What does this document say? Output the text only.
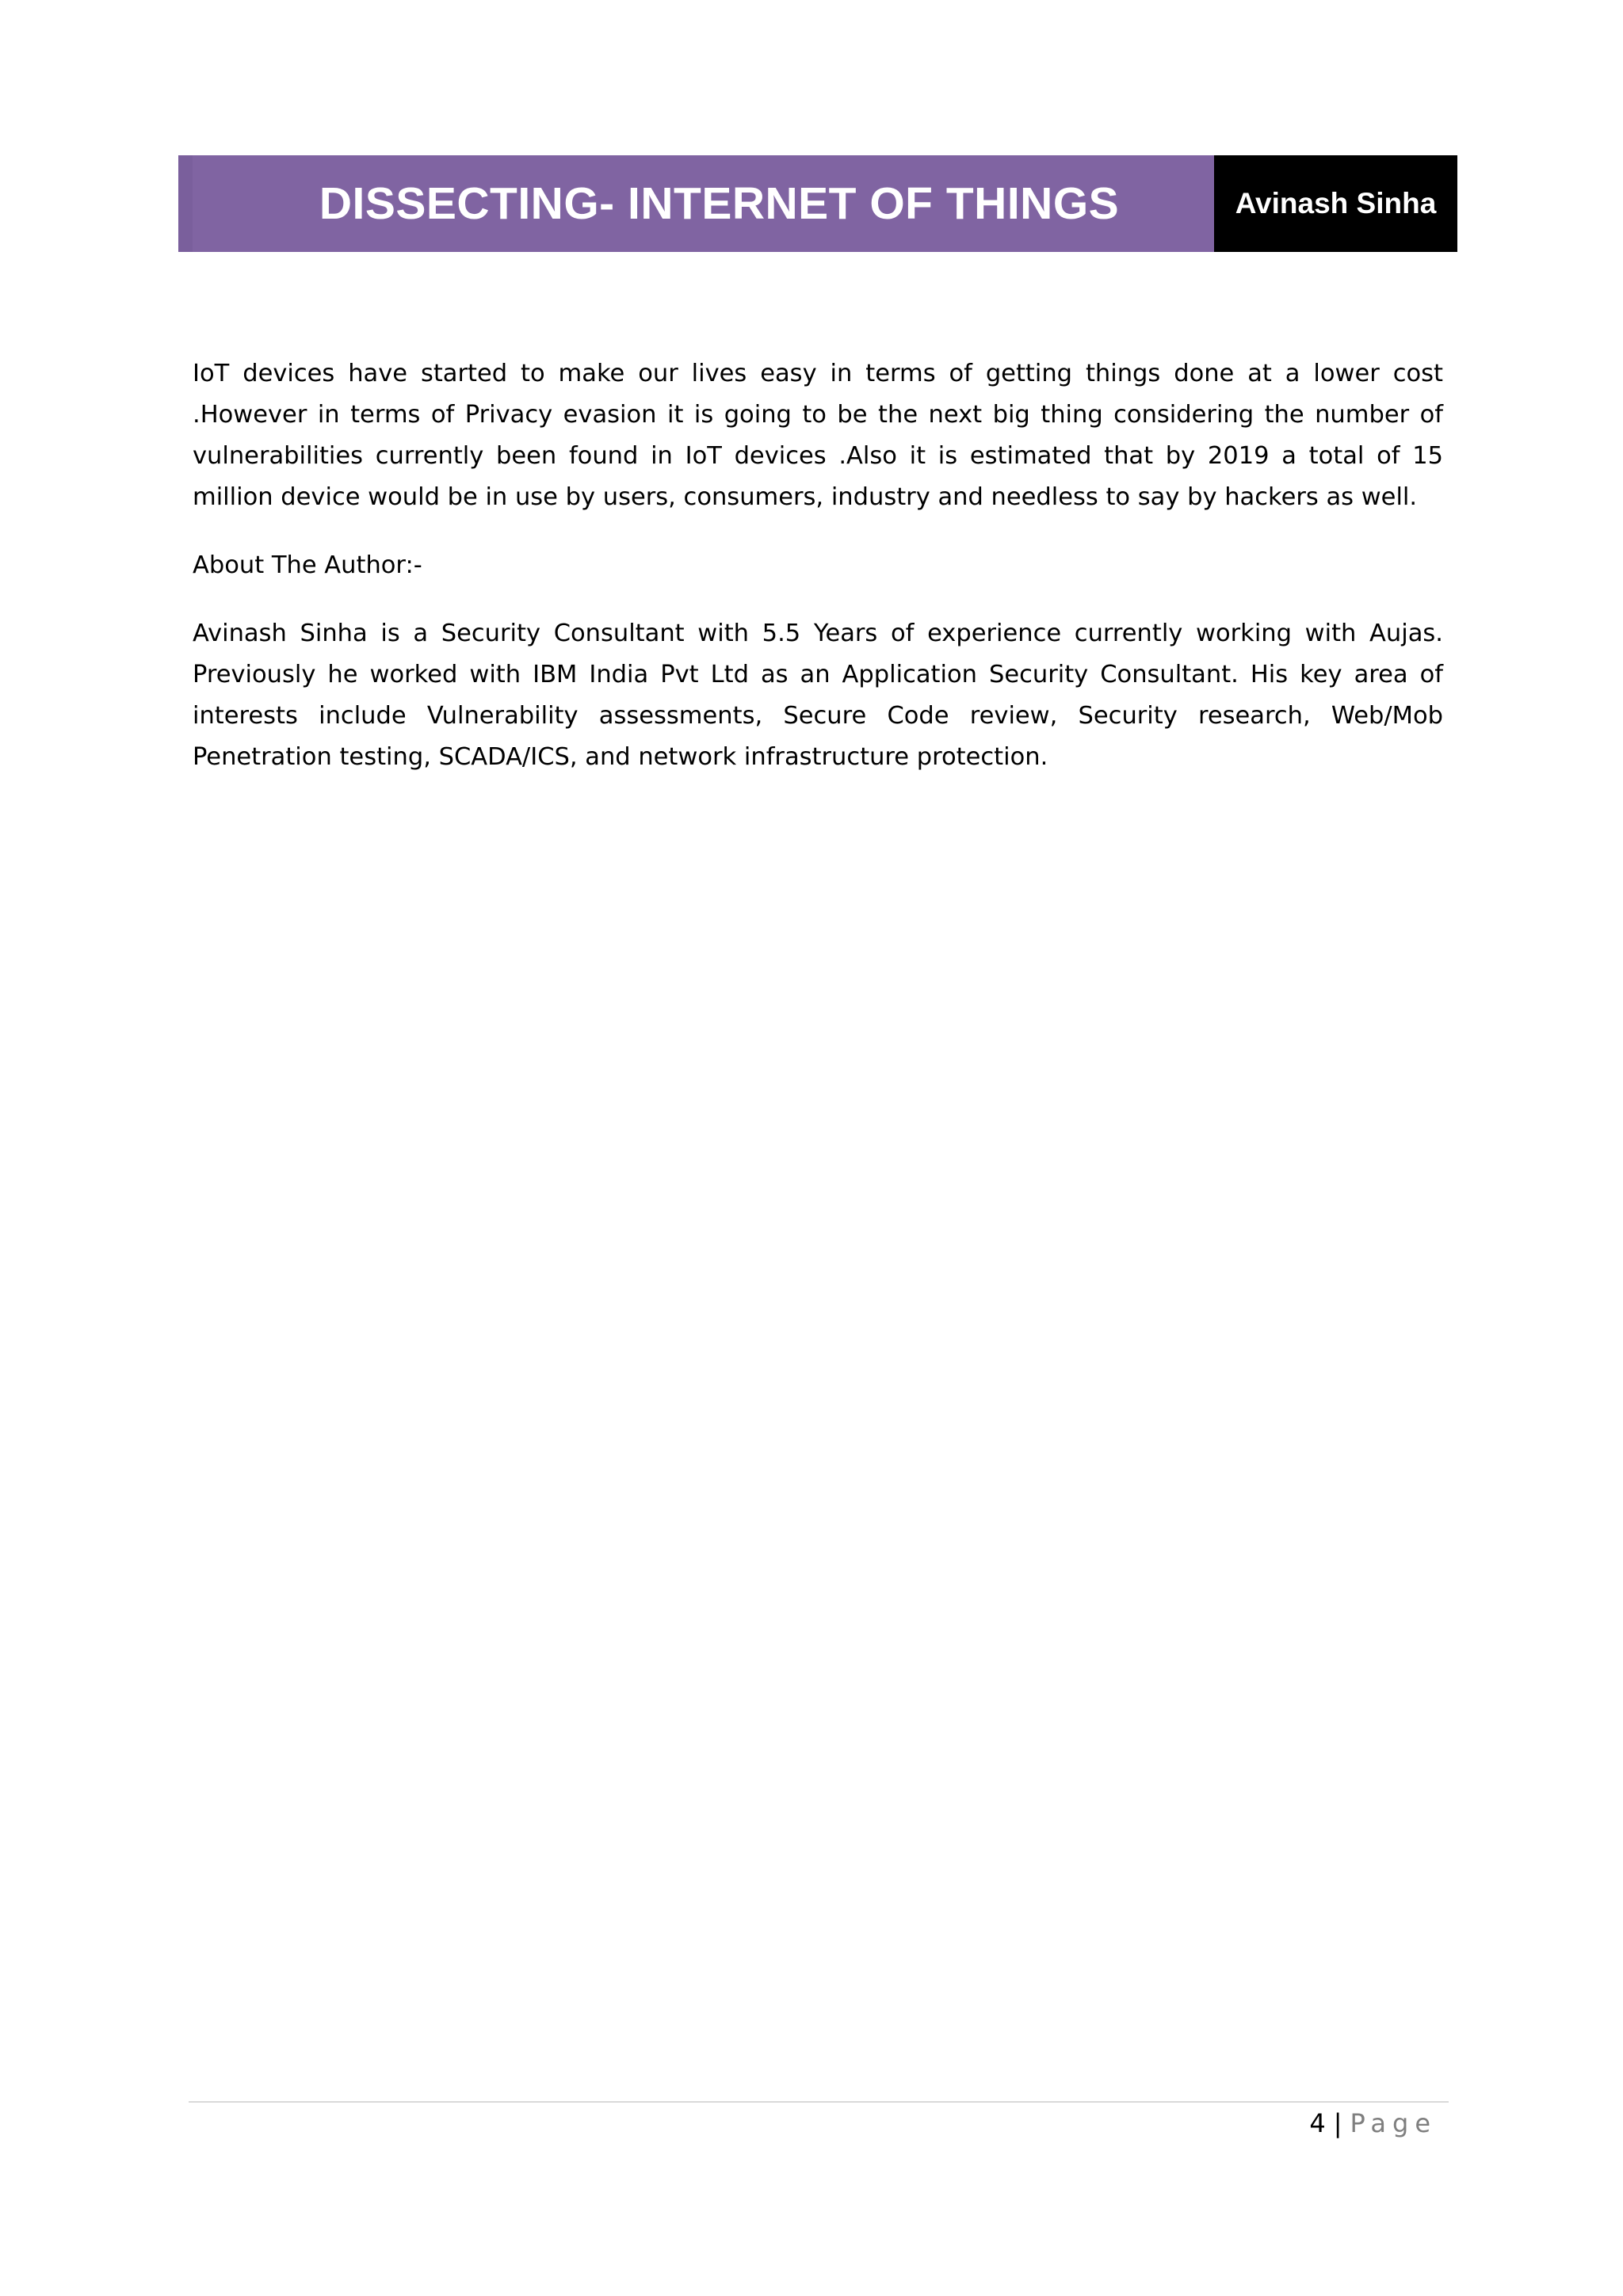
DISSECTING- INTERNET OF THINGS	Avinash Sinha

IoT devices have started to make our lives easy in terms of getting things done at a lower cost .However in terms of Privacy evasion it is going to be the next big thing considering the number of vulnerabilities currently been found in IoT devices .Also it is estimated that by 2019 a total of 15 million device would be in use by users, consumers, industry and needless to say by hackers as well.

About The Author:-

Avinash Sinha is a Security Consultant with 5.5 Years of experience currently working with Aujas. Previously he worked with IBM India Pvt Ltd as an Application Security Consultant. His key area of interests include Vulnerability assessments, Secure Code review, Security research, Web/Mob Penetration testing, SCADA/ICS, and network infrastructure protection.

4 | Page
